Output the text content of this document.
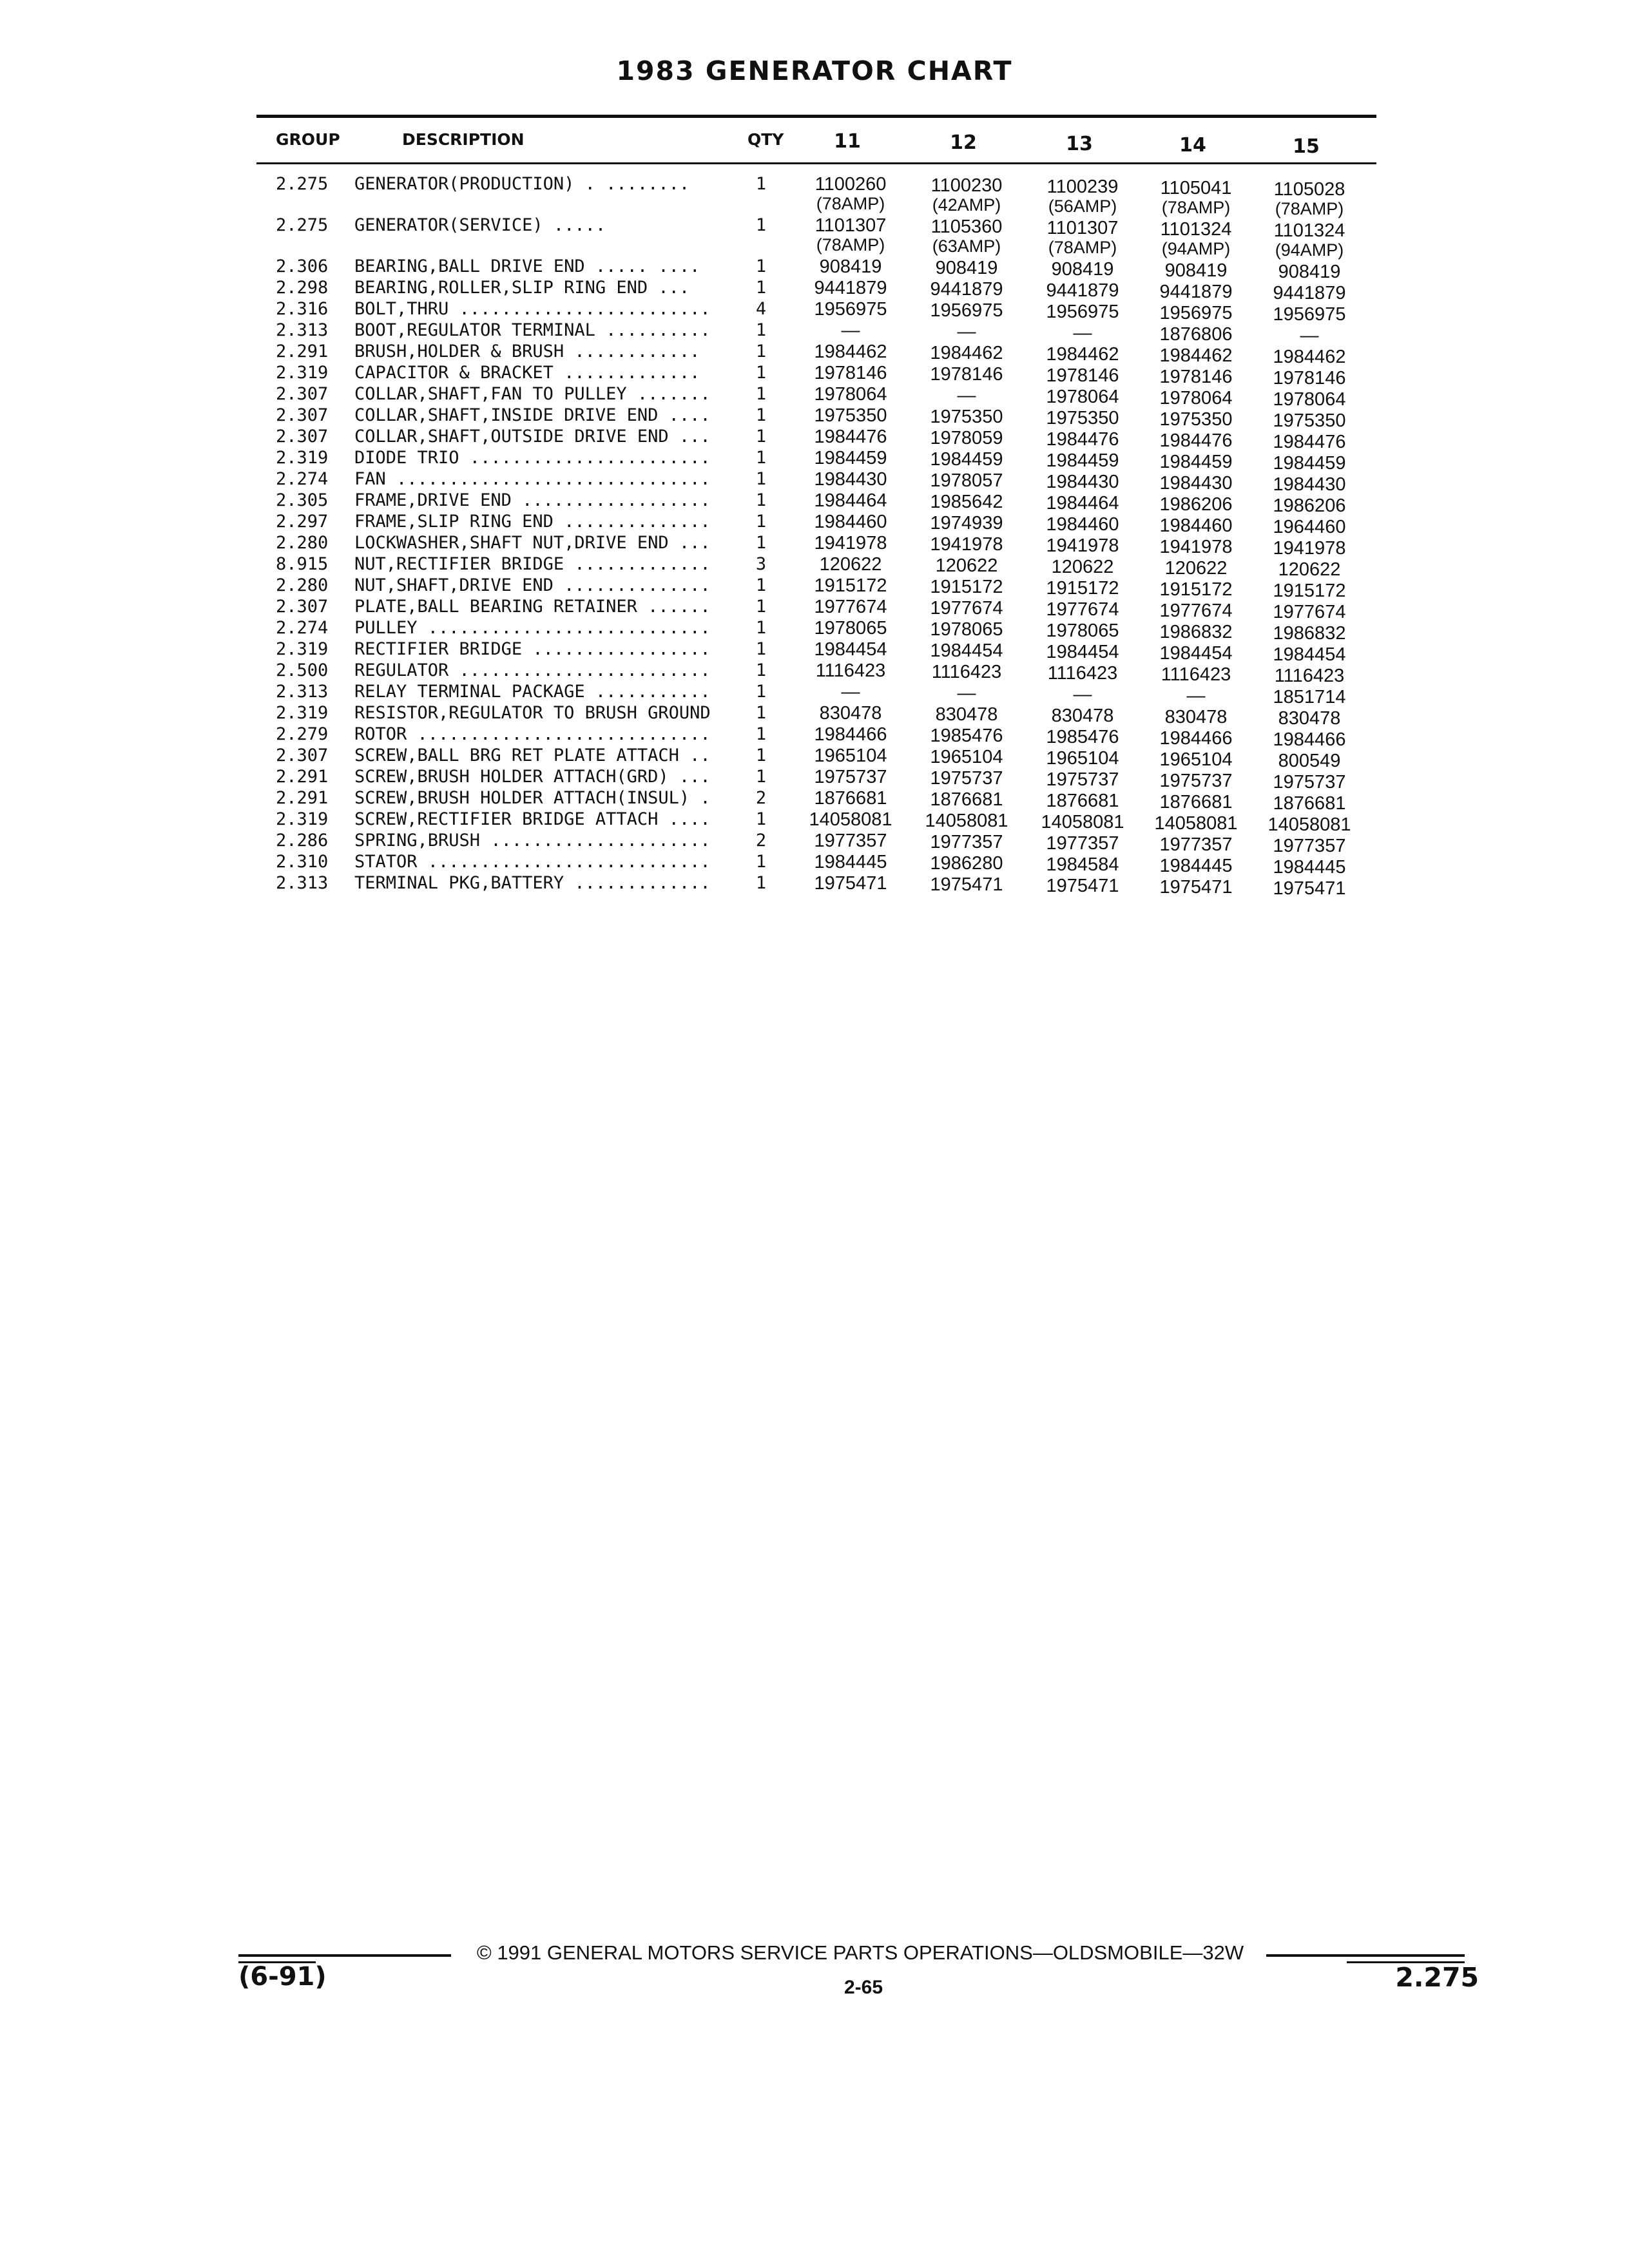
1983 GENERATOR CHART
GROUP	DESCRIPTION	QTY	11	12	13	14	15
2.275 GENERATOR(PRODUCTION) . ........	1	1100260	1100230	1100239	1105041	1105028
(78AMP)	(42AMP)	(56AMP)	(78AMP)	(78AMP)
2.275 GENERATOR(SERVICE) .....	1	1101307	1105360	1101307	1101324	1101324
(78AMP)	(63AMP)	(78AMP)	(94AMP)	(94AMP)
2.306 BEARING,BALL DRIVE END ..... ....	1	908419	908419	908419	908419	908419
2.298 BEARING,ROLLER,SLIP RING END ...	1	9441879	9441879	9441879	9441879	9441879
2.316 BOLT,THRU ........................	4	1956975	1956975	1956975	1956975	1956975
2.313 BOOT,REGULATOR TERMINAL ..........	1	—	—	—	1876806	—
2.291 BRUSH,HOLDER & BRUSH ............	1	1984462	1984462	1984462	1984462	1984462
2.319 CAPACITOR & BRACKET .............	1	1978146	1978146	1978146	1978146	1978146
2.307 COLLAR,SHAFT,FAN TO PULLEY .......	1	1978064	—	1978064	1978064	1978064
2.307 COLLAR,SHAFT,INSIDE DRIVE END ....	1	1975350	1975350	1975350	1975350	1975350
2.307 COLLAR,SHAFT,OUTSIDE DRIVE END ...	1	1984476	1978059	1984476	1984476	1984476
2.319 DIODE TRIO .......................	1	1984459	1984459	1984459	1984459	1984459
2.274 FAN ..............................	1	1984430	1978057	1984430	1984430	1984430
2.305 FRAME,DRIVE END ..................	1	1984464	1985642	1984464	1986206	1986206
2.297 FRAME,SLIP RING END ..............	1	1984460	1974939	1984460	1984460	1964460
2.280 LOCKWASHER,SHAFT NUT,DRIVE END ...	1	1941978	1941978	1941978	1941978	1941978
8.915 NUT,RECTIFIER BRIDGE .............	3	120622	120622	120622	120622	120622
2.280 NUT,SHAFT,DRIVE END ..............	1	1915172	1915172	1915172	1915172	1915172
2.307 PLATE,BALL BEARING RETAINER ......	1	1977674	1977674	1977674	1977674	1977674
2.274 PULLEY ...........................	1	1978065	1978065	1978065	1986832	1986832
2.319 RECTIFIER BRIDGE .................	1	1984454	1984454	1984454	1984454	1984454
2.500 REGULATOR ........................	1	1116423	1116423	1116423	1116423	1116423
2.313 RELAY TERMINAL PACKAGE ...........	1	—	—	—	—	1851714
2.319 RESISTOR,REGULATOR TO BRUSH GROUND	1	830478	830478	830478	830478	830478
2.279 ROTOR ............................	1	1984466	1985476	1985476	1984466	1984466
2.307 SCREW,BALL BRG RET PLATE ATTACH ..	1	1965104	1965104	1965104	1965104	800549
2.291 SCREW,BRUSH HOLDER ATTACH(GRD) ...	1	1975737	1975737	1975737	1975737	1975737
2.291 SCREW,BRUSH HOLDER ATTACH(INSUL) .	2	1876681	1876681	1876681	1876681	1876681
2.319 SCREW,RECTIFIER BRIDGE ATTACH ....	1	14058081	14058081	14058081	14058081	14058081
2.286 SPRING,BRUSH .....................	2	1977357	1977357	1977357	1977357	1977357
2.310 STATOR ...........................	1	1984445	1986280	1984584	1984445	1984445
2.313 TERMINAL PKG,BATTERY .............	1	1975471	1975471	1975471	1975471	1975471
© 1991 GENERAL MOTORS SERVICE PARTS OPERATIONS—OLDSMOBILE—32W
(6-91)	2-65	2.275
